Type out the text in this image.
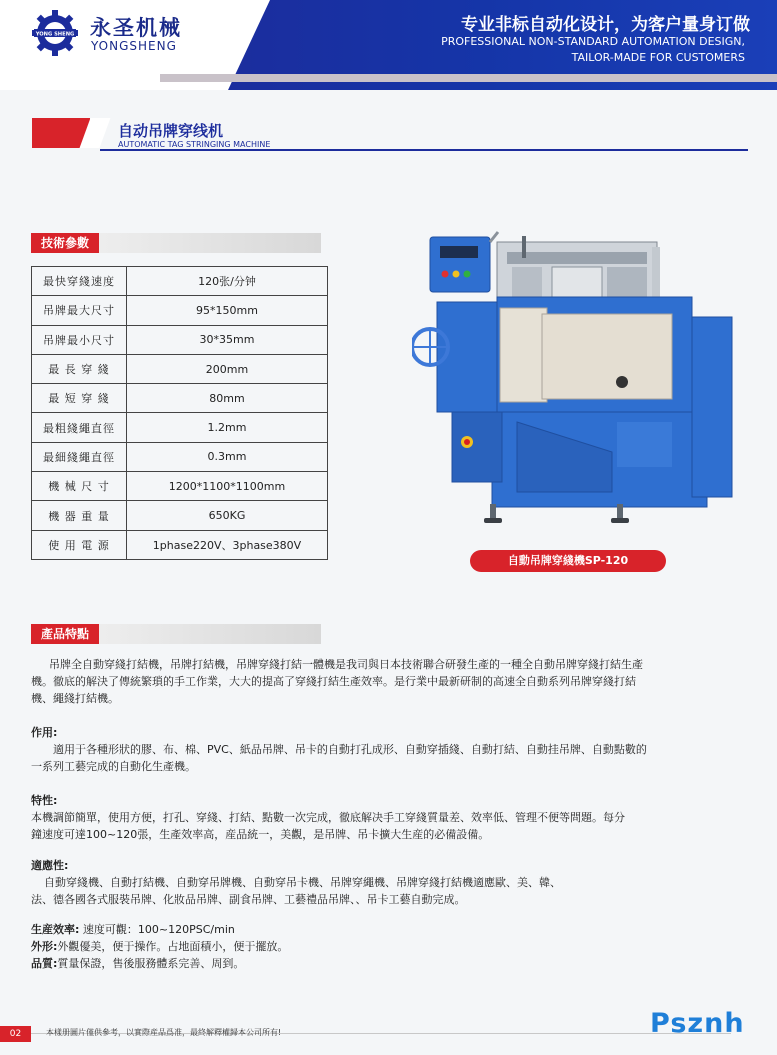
YONG SHENG 永圣机械
YONGSHENG
专业非标自动化设计，为客户量身订做
PROFESSIONAL NON-STANDARD AUTOMATION DESIGN,
TAILOR-MADE FOR CUSTOMERS
自动吊牌穿线机
AUTOMATIC TAG STRINGING MACHINE
技術參數
最快穿綫速度	120张/分钟
吊牌最大尺寸	95*150mm
吊牌最小尺寸	30*35mm
最 長 穿 綫	200mm
最 短 穿 綫	80mm
最粗綫繩直徑	1.2mm
最細綫繩直徑	0.3mm
機 械 尺 寸	1200*1100*1100mm
機 器 重 量	650KG
使 用 電 源	1phase220V、3phase380V
自動吊牌穿綫機SP-120
產品特點
吊牌全自動穿綫打結機，吊牌打結機，吊牌穿綫打結一體機是我司與日本技術聯合研發生產的一種全自動吊牌穿綫打結生產
機。徹底的解決了傳統繁瑣的手工作業，大大的提高了穿綫打結生產效率。是行業中最新研制的高速全自動系列吊牌穿綫打結
機、繩綫打結機。
作用:
適用于各種形狀的膠、布、棉、PVC、紙品吊牌、吊卡的自動打孔成形、自動穿插綫、自動打結、自動挂吊牌、自動點數的
一系列工藝完成的自動化生產機。
特性:
本機調節簡單，使用方便，打孔、穿綫、打結、點數一次完成，徹底解决手工穿綫質量差、效率低、管理不便等問題。每分
鐘速度可達100~120張，生產效率高，産品統一，美觀，是吊牌、吊卡擴大生産的必備設備。
適應性:
自動穿綫機、自動打結機、自動穿吊牌機、自動穿吊卡機、吊牌穿繩機、吊牌穿綫打結機適應歐、美、韓、
法、德各國各式服裝吊牌、化妝品吊牌、副食吊牌、工藝禮品吊牌、、吊卡工藝自動完成。
生産效率: 速度可觀：100~120PSC/min
外形:外觀優美，便于操作。占地面積小，便于擺放。
品質:質量保證，售後服務體系完善、周到。
02	本樣册圖片僅供參考，以實際産品爲准，最終解釋權歸本公司所有!	Psznh
